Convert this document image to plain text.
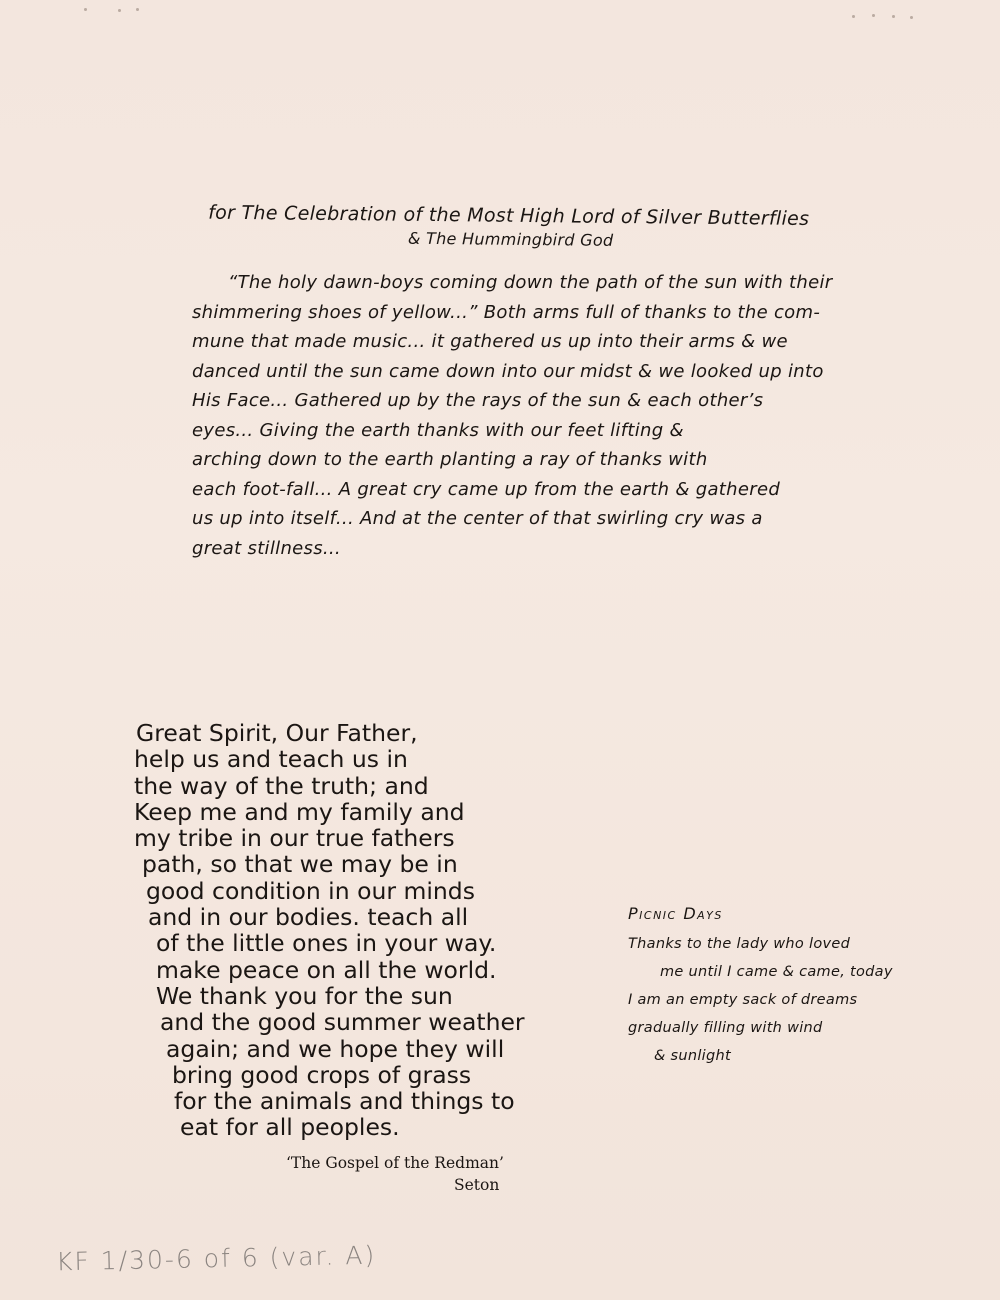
for The Celebration of the Most High Lord of Silver Butterflies
& The Hummingbird God
“The holy dawn-boys coming down the path of the sun with their
shimmering shoes of yellow...” Both arms full of thanks to the com-
mune that made music... it gathered us up into their arms & we
danced until the sun came down into our midst & we looked up into
His Face... Gathered up by the rays of the sun & each other’s
eyes... Giving the earth thanks with our feet lifting &
arching down to the earth planting a ray of thanks with
each foot-fall... A great cry came up from the earth & gathered
us up into itself... And at the center of that swirling cry was a
great stillness...
Great Spirit, Our Father,
help us and teach us in
the way of the truth; and
Keep me and my family and
my tribe in our true fathers
path, so that we may be in
good condition in our minds
and in our bodies. teach all
of the little ones in your way.
make peace on all the world.
We thank you for the sun
and the good summer weather
again; and we hope they will
bring good crops of grass
for the animals and things to
eat for all peoples.
‘The Gospel of the Redman’
Seton
Picnic Days
Thanks to the lady who loved
me until I came & came, today
I am an empty sack of dreams
gradually filling with wind
& sunlight
KF 1/30-6 of 6 (var. A)
